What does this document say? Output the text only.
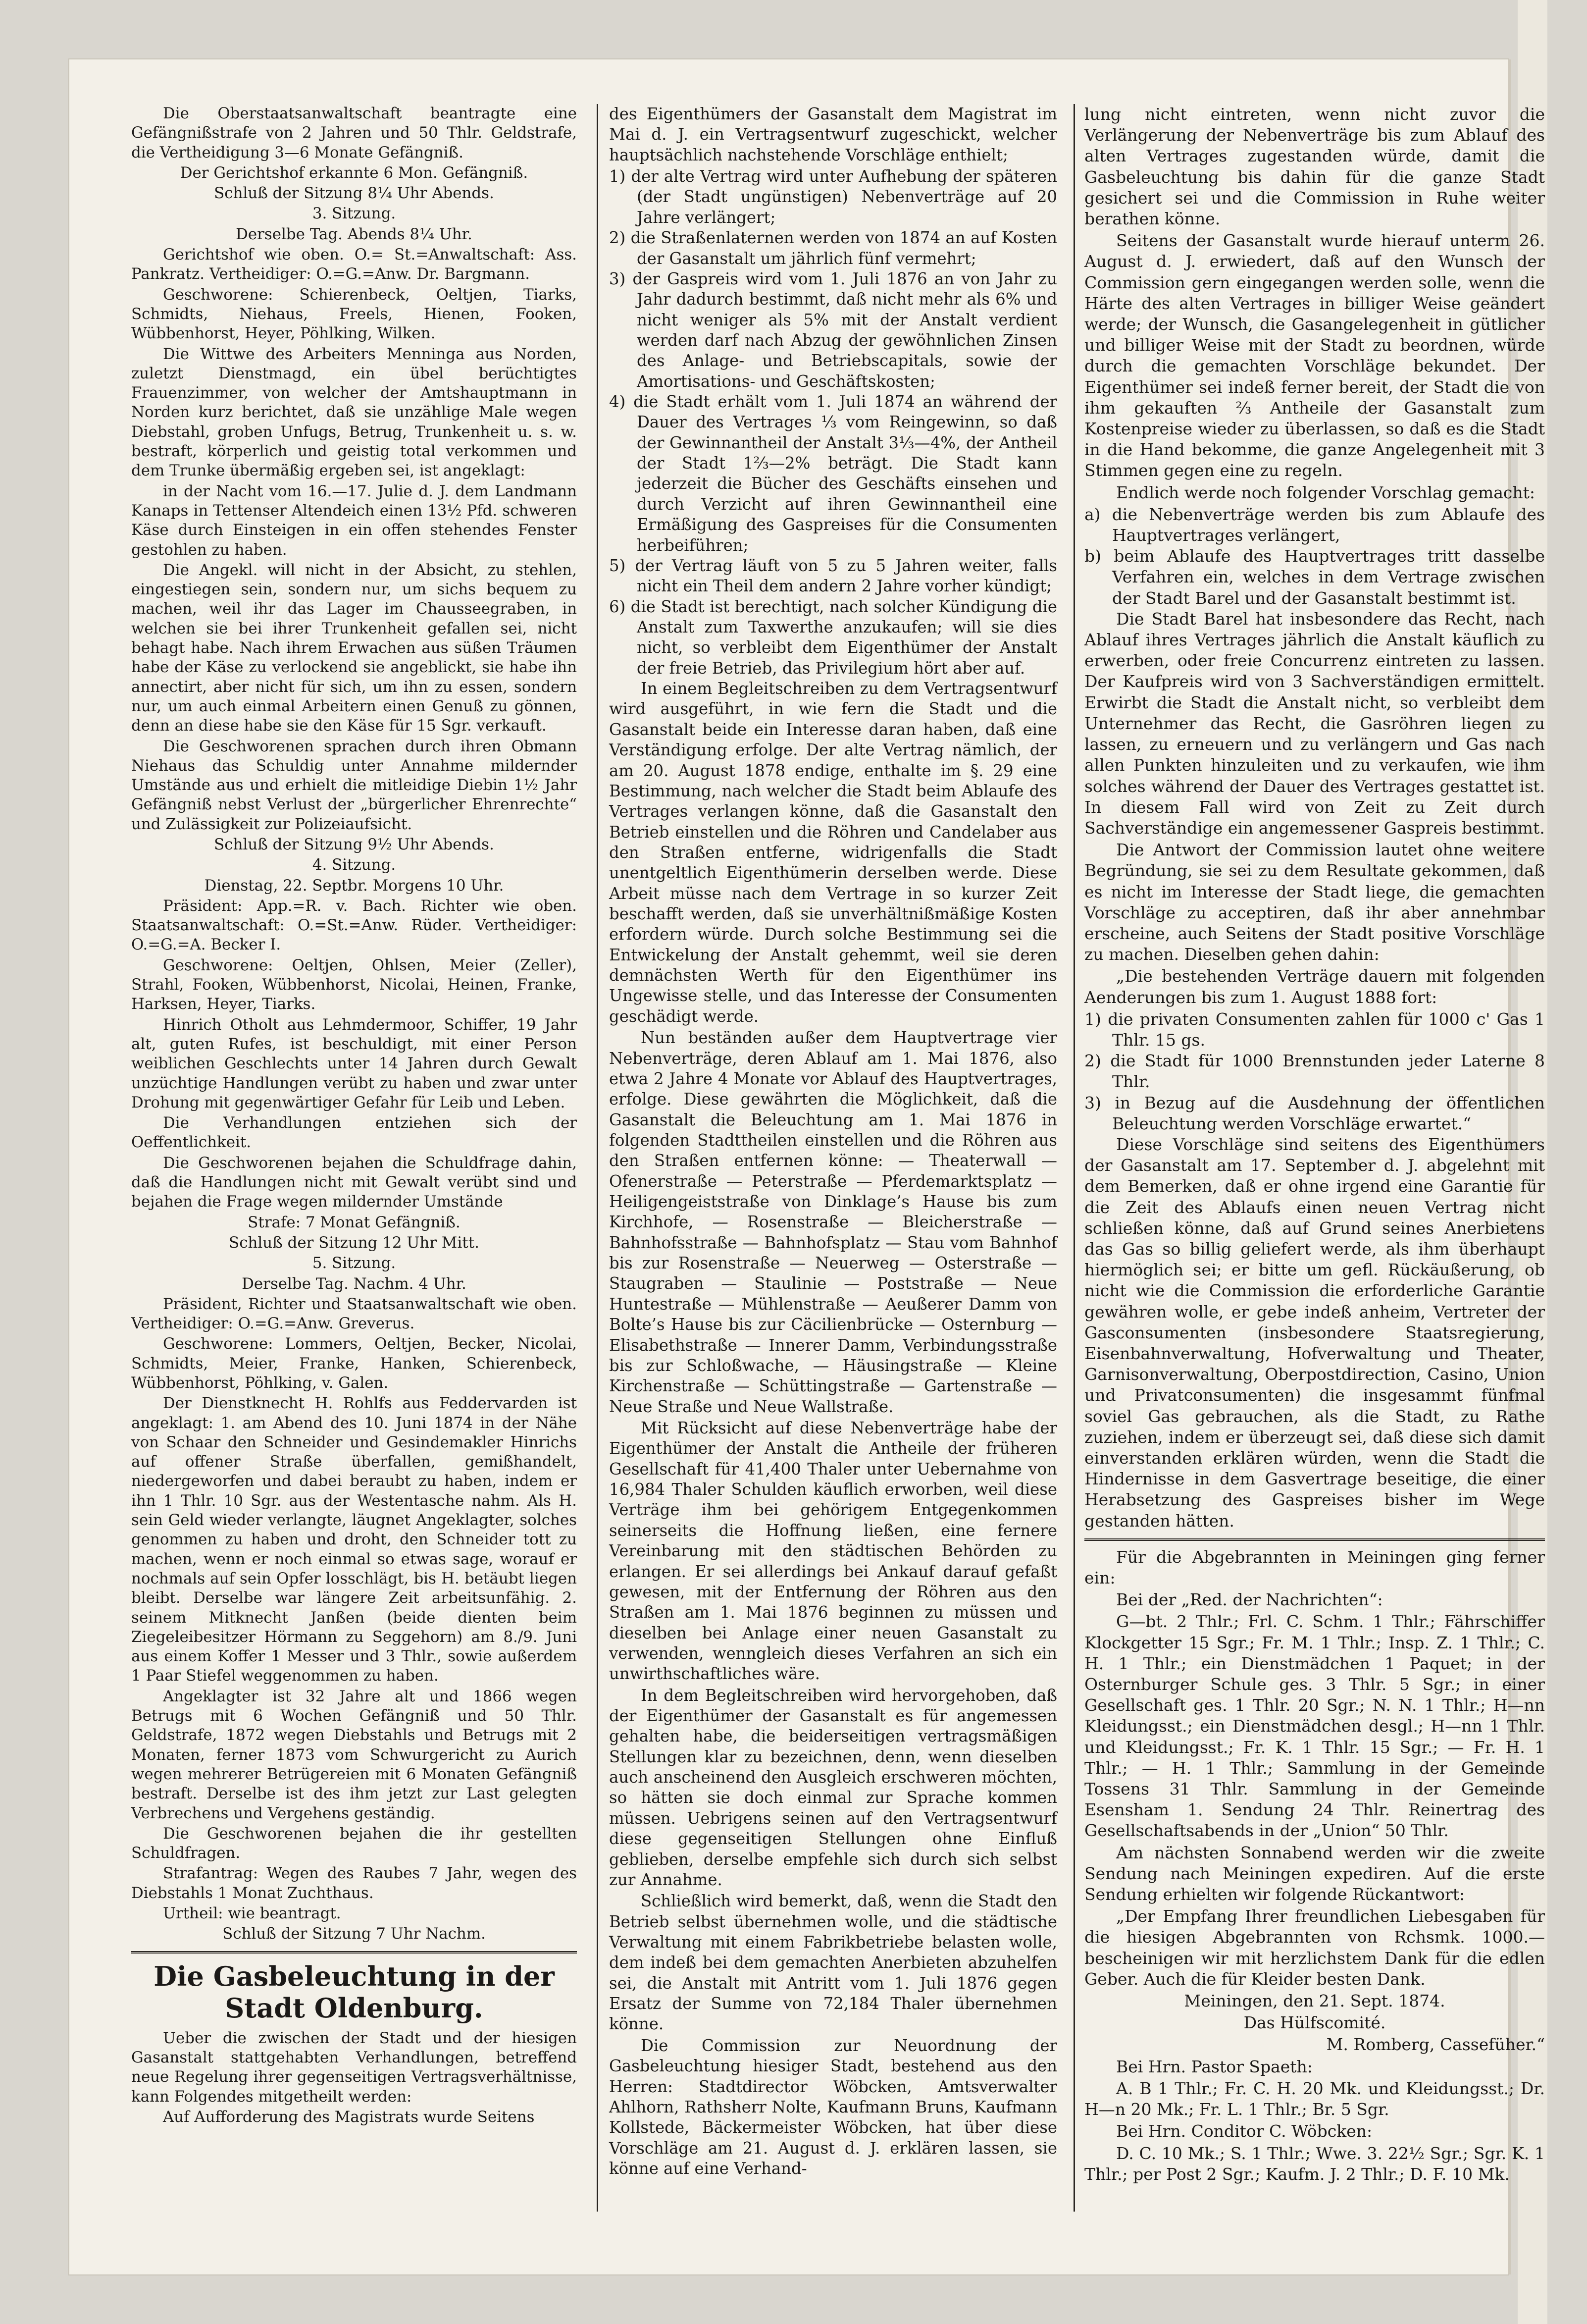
Die Oberstaatsanwaltschaft beantragte eine Gefängnißstrafe von 2 Jahren und 50 Thlr. Geldstrafe, die Vertheidigung 3—6 Monate Gefängniß.

Der Gerichtshof erkannte 6 Mon. Gefängniß.

Schluß der Sitzung 8¼ Uhr Abends.

3. Sitzung.

Derselbe Tag. Abends 8¼ Uhr.

Gerichtshof wie oben. O.= St.=Anwaltschaft: Ass. Pankratz. Vertheidiger: O.=G.=Anw. Dr. Bargmann.

Geschworene: Schierenbeck, Oeltjen, Tiarks, Schmidts, Niehaus, Freels, Hienen, Fooken, Wübbenhorst, Heyer, Pöhlking, Wilken.

Die Wittwe des Arbeiters Menninga aus Norden, zuletzt Dienstmagd, ein übel berüchtigtes Frauenzimmer, von welcher der Amtshauptmann in Norden kurz berichtet, daß sie unzählige Male wegen Diebstahl, groben Unfugs, Betrug, Trunkenheit u. s. w. bestraft, körperlich und geistig total verkommen und dem Trunke übermäßig ergeben sei, ist angeklagt:

in der Nacht vom 16.—17. Julie d. J. dem Landmann Kanaps in Tettenser Altendeich einen 13½ Pfd. schweren Käse durch Einsteigen in ein offen stehendes Fenster gestohlen zu haben.

Die Angekl. will nicht in der Absicht, zu stehlen, eingestiegen sein, sondern nur, um sichs bequem zu machen, weil ihr das Lager im Chausseegraben, in welchen sie bei ihrer Trunkenheit gefallen sei, nicht behagt habe. Nach ihrem Erwachen aus süßen Träumen habe der Käse zu verlockend sie angeblickt, sie habe ihn annectirt, aber nicht für sich, um ihn zu essen, sondern nur, um auch einmal Arbeitern einen Genuß zu gönnen, denn an diese habe sie den Käse für 15 Sgr. verkauft.

Die Geschworenen sprachen durch ihren Obmann Niehaus das Schuldig unter Annahme mildernder Umstände aus und erhielt die mitleidige Diebin 1½ Jahr Gefängniß nebst Verlust der „bürgerlicher Ehrenrechte“ und Zulässigkeit zur Polizeiaufsicht.

Schluß der Sitzung 9½ Uhr Abends.

4. Sitzung.

Dienstag, 22. Septbr. Morgens 10 Uhr.

Präsident: App.=R. v. Bach. Richter wie oben. Staatsanwaltschaft: O.=St.=Anw. Rüder. Vertheidiger: O.=G.=A. Becker I.

Geschworene: Oeltjen, Ohlsen, Meier (Zeller), Strahl, Fooken, Wübbenhorst, Nicolai, Heinen, Franke, Harksen, Heyer, Tiarks.

Hinrich Otholt aus Lehmdermoor, Schiffer, 19 Jahr alt, guten Rufes, ist beschuldigt, mit einer Person weiblichen Geschlechts unter 14 Jahren durch Gewalt unzüchtige Handlungen verübt zu haben und zwar unter Drohung mit gegenwärtiger Gefahr für Leib und Leben.

Die Verhandlungen entziehen sich der Oeffentlichkeit.

Die Geschworenen bejahen die Schuldfrage dahin, daß die Handlungen nicht mit Gewalt verübt sind und bejahen die Frage wegen mildernder Umstände

Strafe: 7 Monat Gefängniß.

Schluß der Sitzung 12 Uhr Mitt.

5. Sitzung.

Derselbe Tag. Nachm. 4 Uhr.

Präsident, Richter und Staatsanwaltschaft wie oben. Vertheidiger: O.=G.=Anw. Greverus.

Geschworene: Lommers, Oeltjen, Becker, Nicolai, Schmidts, Meier, Franke, Hanken, Schierenbeck, Wübbenhorst, Pöhlking, v. Galen.

Der Dienstknecht H. Rohlfs aus Feddervarden ist angeklagt: 1. am Abend des 10. Juni 1874 in der Nähe von Schaar den Schneider und Gesindemakler Hinrichs auf offener Straße überfallen, gemißhandelt, niedergeworfen und dabei beraubt zu haben, indem er ihn 1 Thlr. 10 Sgr. aus der Westentasche nahm. Als H. sein Geld wieder verlangte, läugnet Angeklagter, solches genommen zu haben und droht, den Schneider tott zu machen, wenn er noch einmal so etwas sage, worauf er nochmals auf sein Opfer losschlägt, bis H. betäubt liegen bleibt. Derselbe war längere Zeit arbeitsunfähig. 2. seinem Mitknecht Janßen (beide dienten beim Ziegeleibesitzer Hörmann zu Seggehorn) am 8./9. Juni aus einem Koffer 1 Messer und 3 Thlr., sowie außerdem 1 Paar Stiefel weggenommen zu haben.

Angeklagter ist 32 Jahre alt und 1866 wegen Betrugs mit 6 Wochen Gefängniß und 50 Thlr. Geldstrafe, 1872 wegen Diebstahls und Betrugs mit 2 Monaten, ferner 1873 vom Schwurgericht zu Aurich wegen mehrerer Betrügereien mit 6 Monaten Gefängniß bestraft. Derselbe ist des ihm jetzt zur Last gelegten Verbrechens und Vergehens geständig.

Die Geschworenen bejahen die ihr gestellten Schuldfragen.

Strafantrag: Wegen des Raubes 7 Jahr, wegen des Diebstahls 1 Monat Zuchthaus.

Urtheil: wie beantragt.

Schluß der Sitzung 7 Uhr Nachm.

Die Gasbeleuchtung in der Stadt Oldenburg.

Ueber die zwischen der Stadt und der hiesigen Gasanstalt stattgehabten Verhandlungen, betreffend neue Regelung ihrer gegenseitigen Vertragsverhältnisse, kann Folgendes mitgetheilt werden:

Auf Aufforderung des Magistrats wurde Seitens

des Eigenthümers der Gasanstalt dem Magistrat im Mai d. J. ein Vertragsentwurf zugeschickt, welcher hauptsächlich nachstehende Vorschläge enthielt;

1) der alte Vertrag wird unter Aufhebung der späteren (der Stadt ungünstigen) Nebenverträge auf 20 Jahre verlängert;
2) die Straßenlaternen werden von 1874 an auf Kosten der Gasanstalt um jährlich fünf vermehrt;
3) der Gaspreis wird vom 1. Juli 1876 an von Jahr zu Jahr dadurch bestimmt, daß nicht mehr als 6% und nicht weniger als 5% mit der Anstalt verdient werden darf nach Abzug der gewöhnlichen Zinsen des Anlage- und Betriebscapitals, sowie der Amortisations- und Geschäftskosten;
4) die Stadt erhält vom 1. Juli 1874 an während der Dauer des Vertrages ⅓ vom Reingewinn, so daß der Gewinnantheil der Anstalt 3⅓—4%, der Antheil der Stadt 1⅔—2% beträgt. Die Stadt kann jederzeit die Bücher des Geschäfts einsehen und durch Verzicht auf ihren Gewinnantheil eine Ermäßigung des Gaspreises für die Consumenten herbeiführen;
5) der Vertrag läuft von 5 zu 5 Jahren weiter, falls nicht ein Theil dem andern 2 Jahre vorher kündigt;
6) die Stadt ist berechtigt, nach solcher Kündigung die Anstalt zum Taxwerthe anzukaufen; will sie dies nicht, so verbleibt dem Eigenthümer der Anstalt der freie Betrieb, das Privilegium hört aber auf.

In einem Begleitschreiben zu dem Vertragsentwurf wird ausgeführt, in wie fern die Stadt und die Gasanstalt beide ein Interesse daran haben, daß eine Verständigung erfolge. Der alte Vertrag nämlich, der am 20. August 1878 endige, enthalte im §. 29 eine Bestimmung, nach welcher die Stadt beim Ablaufe des Vertrages verlangen könne, daß die Gasanstalt den Betrieb einstellen und die Röhren und Candelaber aus den Straßen entferne, widrigenfalls die Stadt unentgeltlich Eigenthümerin derselben werde. Diese Arbeit müsse nach dem Vertrage in so kurzer Zeit beschafft werden, daß sie unverhältnißmäßige Kosten erfordern würde. Durch solche Bestimmung sei die Entwickelung der Anstalt gehemmt, weil sie deren demnächsten Werth für den Eigenthümer ins Ungewisse stelle, und das Interesse der Consumenten geschädigt werde.

Nun beständen außer dem Hauptvertrage vier Nebenverträge, deren Ablauf am 1. Mai 1876, also etwa 2 Jahre 4 Monate vor Ablauf des Hauptvertrages, erfolge. Diese gewährten die Möglichkeit, daß die Gasanstalt die Beleuchtung am 1. Mai 1876 in folgenden Stadttheilen einstellen und die Röhren aus den Straßen entfernen könne: — Theaterwall — Ofenerstraße — Peterstraße — Pferdemarktsplatz — Heiligengeiststraße von Dinklage’s Hause bis zum Kirchhofe, — Rosenstraße — Bleicherstraße — Bahnhofsstraße — Bahnhofsplatz — Stau vom Bahnhof bis zur Rosenstraße — Neuerweg — Osterstraße — Staugraben — Staulinie — Poststraße — Neue Huntestraße — Mühlenstraße — Aeußerer Damm von Bolte’s Hause bis zur Cäcilienbrücke — Osternburg — Elisabethstraße — Innerer Damm, Verbindungsstraße bis zur Schloßwache, — Häusingstraße — Kleine Kirchenstraße — Schüttingstraße — Gartenstraße — Neue Straße und Neue Wallstraße.

Mit Rücksicht auf diese Nebenverträge habe der Eigenthümer der Anstalt die Antheile der früheren Gesellschaft für 41,400 Thaler unter Uebernahme von 16,984 Thaler Schulden käuflich erworben, weil diese Verträge ihm bei gehörigem Entgegenkommen seinerseits die Hoffnung ließen, eine fernere Vereinbarung mit den städtischen Behörden zu erlangen. Er sei allerdings bei Ankauf darauf gefaßt gewesen, mit der Entfernung der Röhren aus den Straßen am 1. Mai 1876 beginnen zu müssen und dieselben bei Anlage einer neuen Gasanstalt zu verwenden, wenngleich dieses Verfahren an sich ein unwirthschaftliches wäre.

In dem Begleitschreiben wird hervorgehoben, daß der Eigenthümer der Gasanstalt es für angemessen gehalten habe, die beiderseitigen vertragsmäßigen Stellungen klar zu bezeichnen, denn, wenn dieselben auch anscheinend den Ausgleich erschweren möchten, so hätten sie doch einmal zur Sprache kommen müssen. Uebrigens seinen auf den Vertragsentwurf diese gegenseitigen Stellungen ohne Einfluß geblieben, derselbe empfehle sich durch sich selbst zur Annahme.

Schließlich wird bemerkt, daß, wenn die Stadt den Betrieb selbst übernehmen wolle, und die städtische Verwaltung mit einem Fabrikbetriebe belasten wolle, dem indeß bei dem gemachten Anerbieten abzuhelfen sei, die Anstalt mit Antritt vom 1. Juli 1876 gegen Ersatz der Summe von 72,184 Thaler übernehmen könne.

Die Commission zur Neuordnung der Gasbeleuchtung hiesiger Stadt, bestehend aus den Herren: Stadtdirector Wöbcken, Amtsverwalter Ahlhorn, Rathsherr Nolte, Kaufmann Bruns, Kaufmann Kollstede, Bäckermeister Wöbcken, hat über diese Vorschläge am 21. August d. J. erklären lassen, sie könne auf eine Verhand-

lung nicht eintreten, wenn nicht zuvor die Verlängerung der Nebenverträge bis zum Ablauf des alten Vertrages zugestanden würde, damit die Gasbeleuchtung bis dahin für die ganze Stadt gesichert sei und die Commission in Ruhe weiter berathen könne.

Seitens der Gasanstalt wurde hierauf unterm 26. August d. J. erwiedert, daß auf den Wunsch der Commission gern eingegangen werden solle, wenn die Härte des alten Vertrages in billiger Weise geändert werde; der Wunsch, die Gasangelegenheit in gütlicher und billiger Weise mit der Stadt zu beordnen, würde durch die gemachten Vorschläge bekundet. Der Eigenthümer sei indeß ferner bereit, der Stadt die von ihm gekauften ⅔ Antheile der Gasanstalt zum Kostenpreise wieder zu überlassen, so daß es die Stadt in die Hand bekomme, die ganze Angelegenheit mit 3 Stimmen gegen eine zu regeln.

Endlich werde noch folgender Vorschlag gemacht:

a) die Nebenverträge werden bis zum Ablaufe des Hauptvertrages verlängert,
b) beim Ablaufe des Hauptvertrages tritt dasselbe Verfahren ein, welches in dem Vertrage zwischen der Stadt Barel und der Gasanstalt bestimmt ist.

Die Stadt Barel hat insbesondere das Recht, nach Ablauf ihres Vertrages jährlich die Anstalt käuflich zu erwerben, oder freie Concurrenz eintreten zu lassen. Der Kaufpreis wird von 3 Sachverständigen ermittelt. Erwirbt die Stadt die Anstalt nicht, so verbleibt dem Unternehmer das Recht, die Gasröhren liegen zu lassen, zu erneuern und zu verlängern und Gas nach allen Punkten hinzuleiten und zu verkaufen, wie ihm solches während der Dauer des Vertrages gestattet ist. In diesem Fall wird von Zeit zu Zeit durch Sachverständige ein angemessener Gaspreis bestimmt.

Die Antwort der Commission lautet ohne weitere Begründung, sie sei zu dem Resultate gekommen, daß es nicht im Interesse der Stadt liege, die gemachten Vorschläge zu acceptiren, daß ihr aber annehmbar erscheine, auch Seitens der Stadt positive Vorschläge zu machen. Dieselben gehen dahin:

„Die bestehenden Verträge dauern mit folgenden Aenderungen bis zum 1. August 1888 fort:

1) die privaten Consumenten zahlen für 1000 c' Gas 1 Thlr. 15 gs.
2) die Stadt für 1000 Brennstunden jeder Laterne 8 Thlr.
3) in Bezug auf die Ausdehnung der öffentlichen Beleuchtung werden Vorschläge erwartet.“

Diese Vorschläge sind seitens des Eigenthümers der Gasanstalt am 17. September d. J. abgelehnt mit dem Bemerken, daß er ohne irgend eine Garantie für die Zeit des Ablaufs einen neuen Vertrag nicht schließen könne, daß auf Grund seines Anerbietens das Gas so billig geliefert werde, als ihm überhaupt hiermöglich sei; er bitte um gefl. Rückäußerung, ob nicht wie die Commission die erforderliche Garantie gewähren wolle, er gebe indeß anheim, Vertreter der Gasconsumenten (insbesondere Staatsregierung, Eisenbahnverwaltung, Hofverwaltung und Theater, Garnisonverwaltung, Oberpostdirection, Casino, Union und Privatconsumenten) die insgesammt fünfmal soviel Gas gebrauchen, als die Stadt, zu Rathe zuziehen, indem er überzeugt sei, daß diese sich damit einverstanden erklären würden, wenn die Stadt die Hindernisse in dem Gasvertrage beseitige, die einer Herabsetzung des Gaspreises bisher im Wege gestanden hätten.

Für die Abgebrannten in Meiningen ging ferner ein:

Bei der „Red. der Nachrichten“:

G—bt. 2 Thlr.; Frl. C. Schm. 1 Thlr.; Fährschiffer Klockgetter 15 Sgr.; Fr. M. 1 Thlr.; Insp. Z. 1 Thlr.; C. H. 1 Thlr.; ein Dienstmädchen 1 Paquet; in der Osternburger Schule ges. 3 Thlr. 5 Sgr.; in einer Gesellschaft ges. 1 Thlr. 20 Sgr.; N. N. 1 Thlr.; H—nn Kleidungsst.; ein Dienstmädchen desgl.; H—nn 1 Thlr. und Kleidungsst.; Fr. K. 1 Thlr. 15 Sgr.; — Fr. H. 1 Thlr.; — H. 1 Thlr.; Sammlung in der Gemeinde Tossens 31 Thlr. Sammlung in der Gemeinde Esensham 1. Sendung 24 Thlr. Reinertrag des Gesellschaftsabends in der „Union“ 50 Thlr.

Am nächsten Sonnabend werden wir die zweite Sendung nach Meiningen expediren. Auf die erste Sendung erhielten wir folgende Rückantwort:

„Der Empfang Ihrer freundlichen Liebesgaben für die hiesigen Abgebrannten von Rchsmk. 1000.— bescheinigen wir mit herzlichstem Dank für die edlen Geber. Auch die für Kleider besten Dank.

Meiningen, den 21. Sept. 1874.

Das Hülfscomité.

M. Romberg, Cassefüher.“

Bei Hrn. Pastor Spaeth:

A. B 1 Thlr.; Fr. C. H. 20 Mk. und Kleidungsst.; Dr. H—n 20 Mk.; Fr. L. 1 Thlr.; Br. 5 Sgr.

Bei Hrn. Conditor C. Wöbcken:

D. C. 10 Mk.; S. 1 Thlr.; Wwe. 3. 22½ Sgr.; Sgr. K. 1 Thlr.; per Post 2 Sgr.; Kaufm. J. 2 Thlr.; D. F. 10 Mk.
